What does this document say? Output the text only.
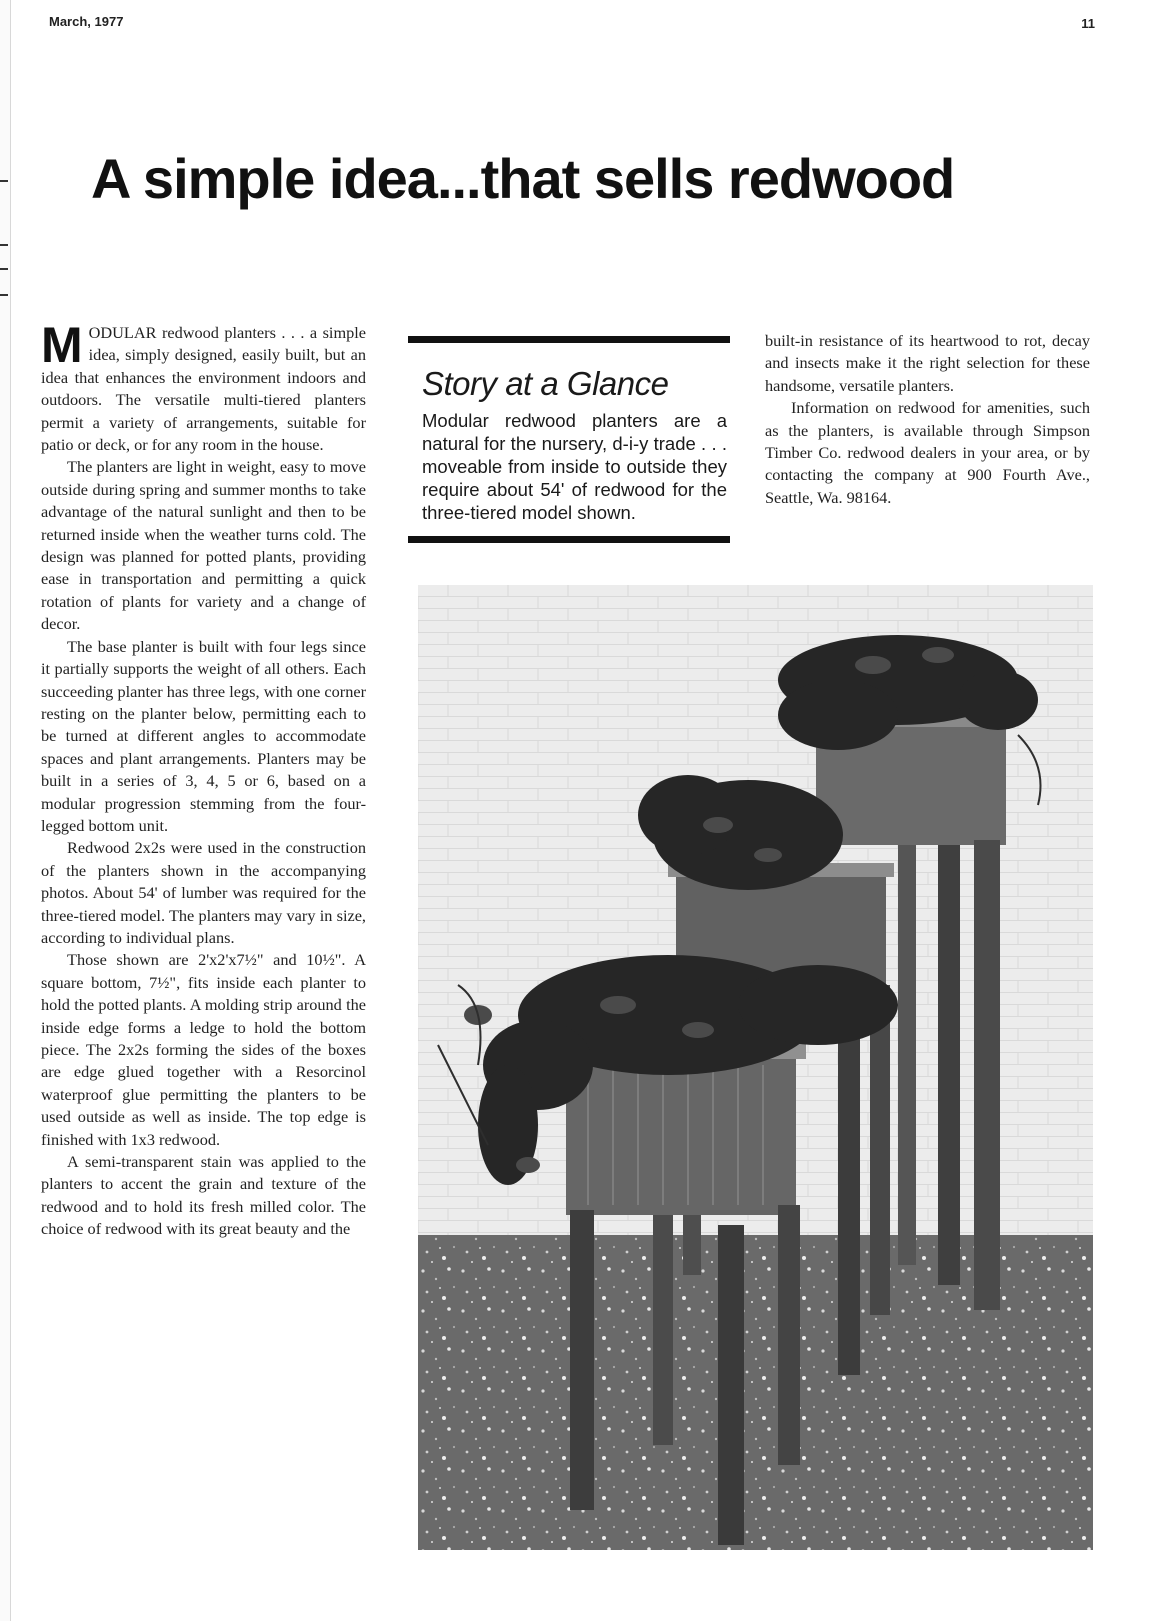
March, 1977	11
A simple idea...that sells redwood

MODULAR redwood planters . . . a simple idea, simply designed, easily built, but an idea that enhances the environment indoors and outdoors. The versatile multi-tiered planters permit a variety of arrangements, suitable for patio or deck, or for any room in the house.

The planters are light in weight, easy to move outside during spring and summer months to take advantage of the natural sunlight and then to be returned inside when the weather turns cold. The design was planned for potted plants, providing ease in transportation and permitting a quick rotation of plants for variety and a change of decor.

The base planter is built with four legs since it partially supports the weight of all others. Each succeeding planter has three legs, with one corner resting on the planter below, permitting each to be turned at different angles to accommodate spaces and plant arrangements. Planters may be built in a series of 3, 4, 5 or 6, based on a modular progression stemming from the four-legged bottom unit.

Redwood 2x2s were used in the construction of the planters shown in the accompanying photos. About 54' of lumber was required for the three-tiered model. The planters may vary in size, according to individual plans.

Those shown are 2'x2'x7½" and 10½". A square bottom, 7½", fits inside each planter to hold the potted plants. A molding strip around the inside edge forms a ledge to hold the bottom piece. The 2x2s forming the sides of the boxes are edge glued together with a Resorcinol waterproof glue permitting the planters to be used outside as well as inside. The top edge is finished with 1x3 redwood.

A semi-transparent stain was applied to the planters to accent the grain and texture of the redwood and to hold its fresh milled color. The choice of redwood with its great beauty and the

Story at a Glance

Modular redwood planters are a natural for the nursery, d-i-y trade . . . moveable from inside to outside they require about 54' of redwood for the three-tiered model shown.

built-in resistance of its heartwood to rot, decay and insects make it the right selection for these handsome, versatile planters.

Information on redwood for amenities, such as the planters, is available through Simpson Timber Co. redwood dealers in your area, or by contacting the company at 900 Fourth Ave., Seattle, Wa. 98164.
